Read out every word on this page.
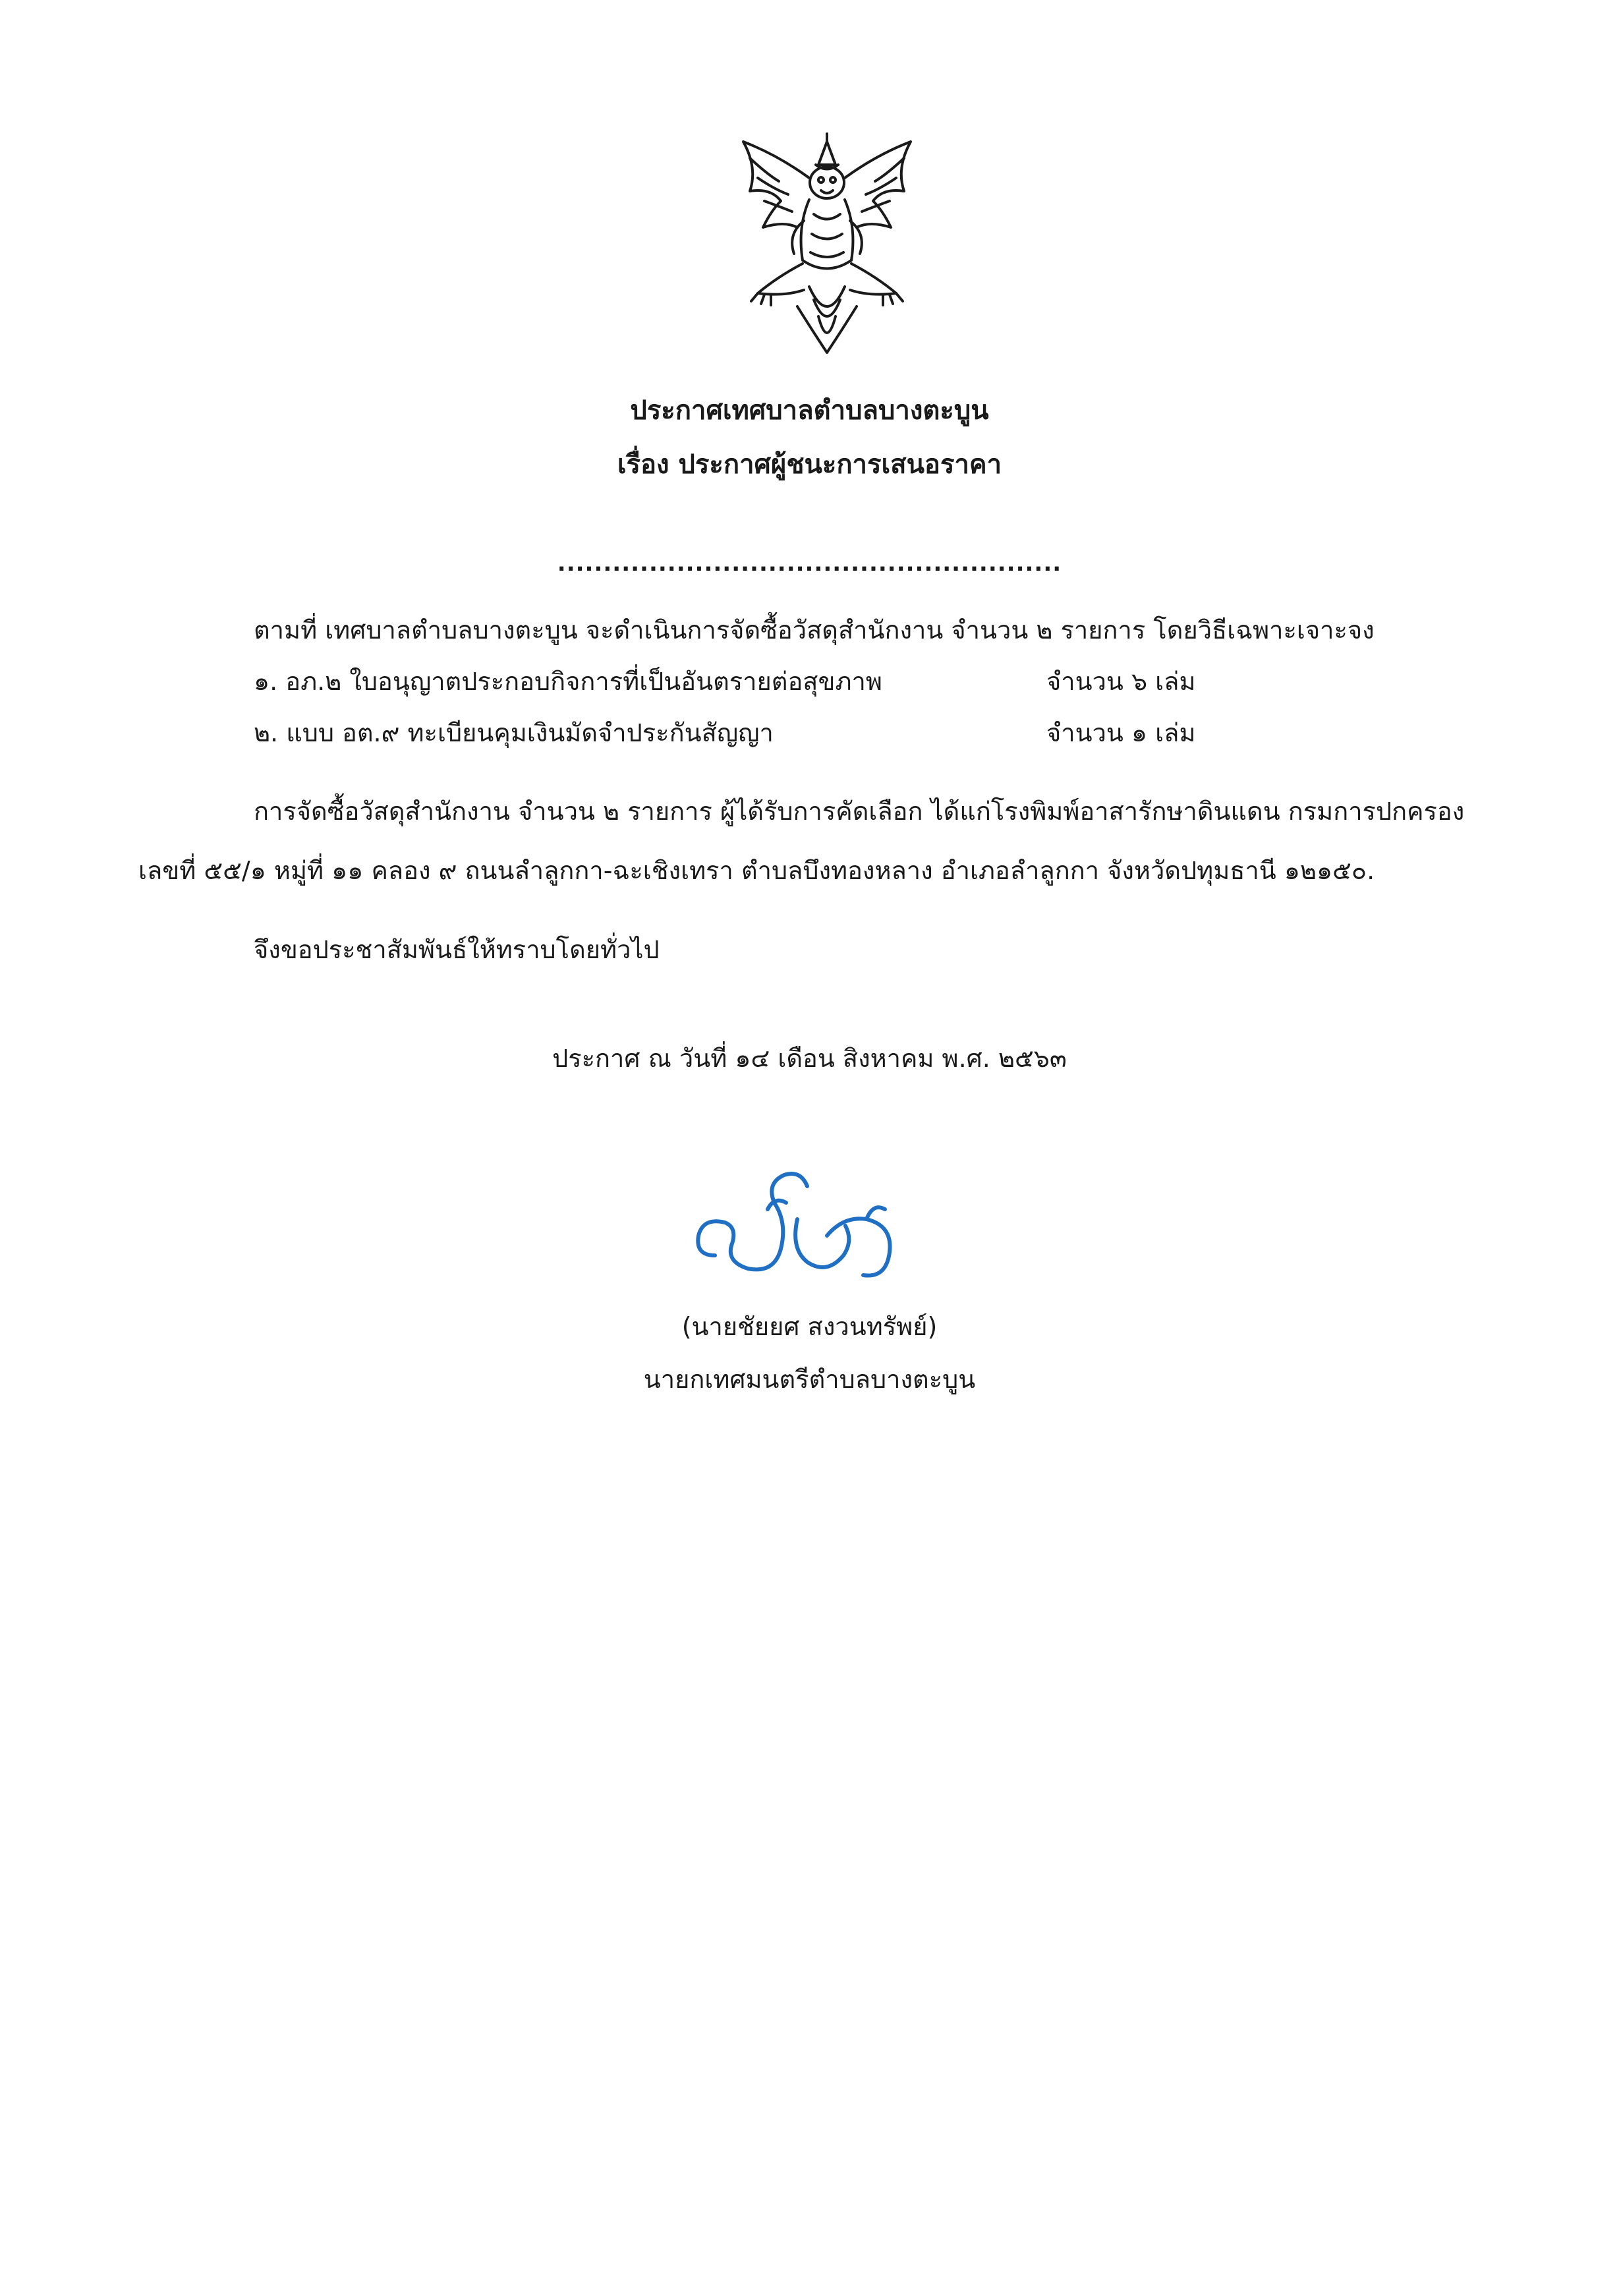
ประกาศเทศบาลตำบลบางตะบูน
เรื่อง ประกาศผู้ชนะการเสนอราคา
.......................................................
ตามที่ เทศบาลตำบลบางตะบูน จะดำเนินการจัดซื้อวัสดุสำนักงาน จำนวน ๒ รายการ โดยวิธีเฉพาะเจาะจง
๑. อภ.๒ ใบอนุญาตประกอบกิจการที่เป็นอันตรายต่อสุขภาพ	จำนวน ๖ เล่ม
๒. แบบ อต.๙ ทะเบียนคุมเงินมัดจำประกันสัญญา	จำนวน ๑ เล่ม
การจัดซื้อวัสดุสำนักงาน จำนวน ๒ รายการ ผู้ได้รับการคัดเลือก ได้แก่โรงพิมพ์อาสารักษาดินแดน กรมการปกครอง
เลขที่ ๕๕/๑ หมู่ที่ ๑๑ คลอง ๙ ถนนลำลูกกา-ฉะเชิงเทรา ตำบลบึงทองหลาง อำเภอลำลูกกา จังหวัดปทุมธานี ๑๒๑๕๐.
จึงขอประชาสัมพันธ์ให้ทราบโดยทั่วไป
ประกาศ ณ วันที่ ๑๔ เดือน สิงหาคม พ.ศ. ๒๕๖๓
(นายชัยยศ สงวนทรัพย์)
นายกเทศมนตรีตำบลบางตะบูน
